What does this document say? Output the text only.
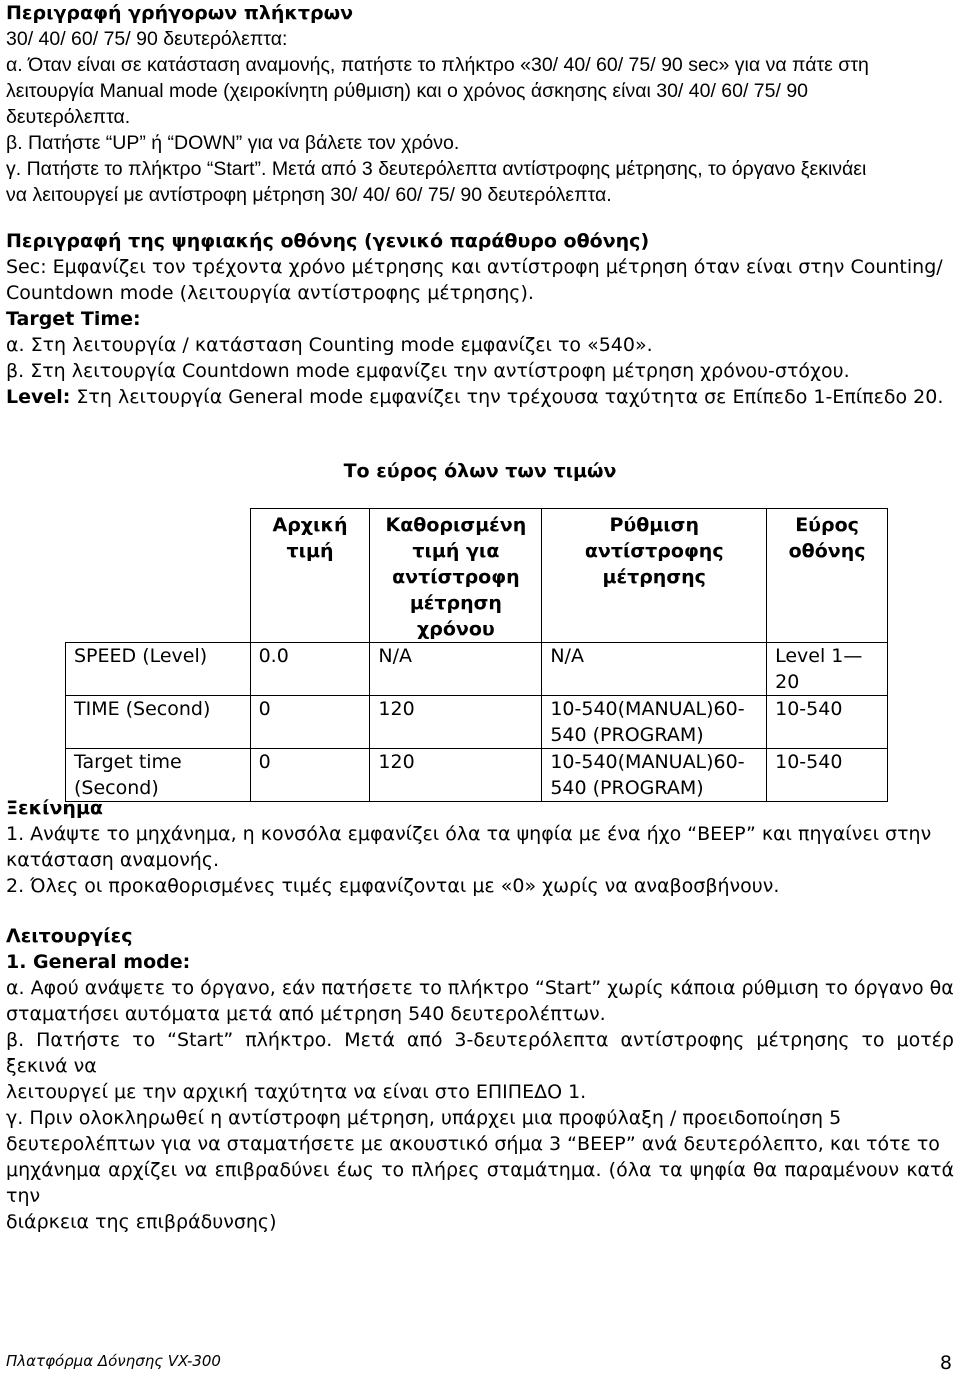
Περιγραφή γρήγορων πλήκτρων
30/ 40/ 60/ 75/ 90 δευτερόλεπτα:
α. Όταν είναι σε κατάσταση αναμονής, πατήστε το πλήκτρο «30/ 40/ 60/ 75/ 90 sec» για να πάτε στη
λειτουργία Manual mode (χειροκίνητη ρύθμιση) και ο χρόνος άσκησης είναι 30/ 40/ 60/ 75/ 90
δευτερόλεπτα.
β. Πατήστε “UP” ή “DOWN” για να βάλετε τον χρόνο.
γ. Πατήστε το πλήκτρο “Start”. Μετά από 3 δευτερόλεπτα αντίστροφης μέτρησης, το όργανο ξεκινάει
να λειτουργεί με αντίστροφη μέτρηση 30/ 40/ 60/ 75/ 90 δευτερόλεπτα.
Περιγραφή της ψηφιακής οθόνης (γενικό παράθυρο οθόνης)
Sec: Εμφανίζει τον τρέχοντα χρόνο μέτρησης και αντίστροφη μέτρηση όταν είναι στην Counting/
Countdown mode (λειτουργία αντίστροφης μέτρησης).
Target Time:
α. Στη λειτουργία / κατάσταση Counting mode εμφανίζει το «540».
β. Στη λειτουργία Countdown mode εμφανίζει την αντίστροφη μέτρηση χρόνου-στόχου.
Level: Στη λειτουργία General mode εμφανίζει την τρέχουσα ταχύτητα σε Επίπεδο 1-Επίπεδο 20.
Το εύρος όλων των τιμών
	Αρχική τιμή	Καθορισμένη τιμή για αντίστροφη μέτρηση χρόνου	Ρύθμιση αντίστροφης μέτρησης	Εύρος οθόνης
SPEED (Level)	0.0	N/A	N/A	Level 1—20
TIME (Second)	0	120	10-540(MANUAL)60-540 (PROGRAM)	10-540
Target time (Second)	0	120	10-540(MANUAL)60-540 (PROGRAM)	10-540
Ξεκίνημα
1. Ανάψτε το μηχάνημα, η κονσόλα εμφανίζει όλα τα ψηφία με ένα ήχο “BEEP” και πηγαίνει στην
κατάσταση αναμονής.
2. Όλες οι προκαθορισμένες τιμές εμφανίζονται με «0» χωρίς να αναβοσβήνουν.
Λειτουργίες
1. General mode:
α. Αφού ανάψετε το όργανο, εάν πατήσετε το πλήκτρο “Start” χωρίς κάποια ρύθμιση το όργανο θα
σταματήσει αυτόματα μετά από μέτρηση 540 δευτερολέπτων.
β. Πατήστε το “Start” πλήκτρο. Μετά από 3-δευτερόλεπτα αντίστροφης μέτρησης το μοτέρ ξεκινά να
λειτουργεί με την αρχική ταχύτητα να είναι στο ΕΠΙΠΕΔΟ 1.
γ. Πριν ολοκληρωθεί η αντίστροφη μέτρηση, υπάρχει μια προφύλαξη / προειδοποίηση 5
δευτερολέπτων για να σταματήσετε με ακουστικό σήμα 3 “BEEP” ανά δευτερόλεπτο, και τότε το
μηχάνημα αρχίζει να επιβραδύνει έως το πλήρες σταμάτημα. (όλα τα ψηφία θα παραμένουν κατά την
διάρκεια της επιβράδυνσης)
Πλατφόρμα Δόνησης VX-300	8
